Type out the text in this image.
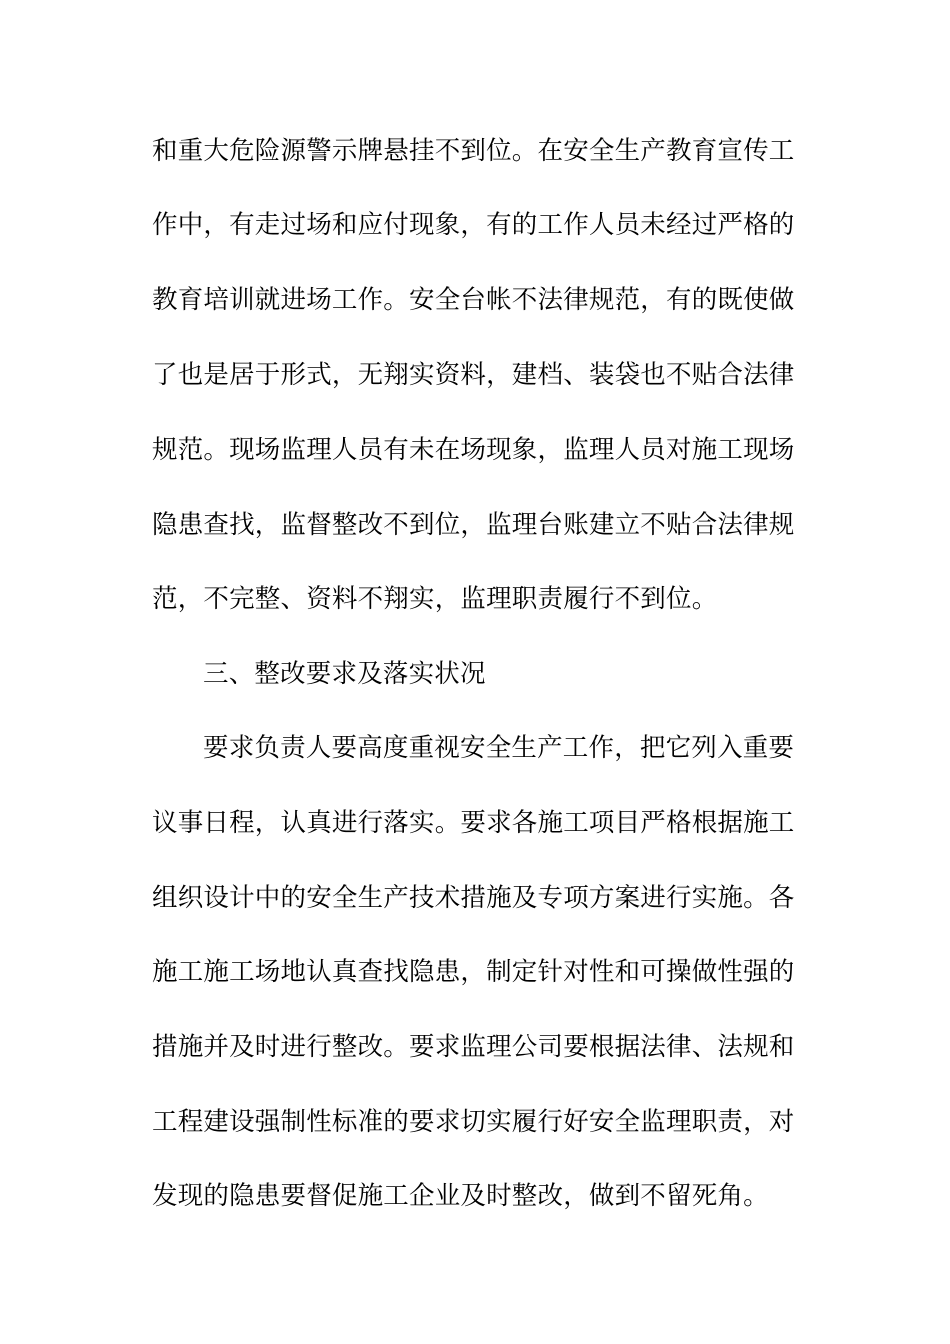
和重大危险源警示牌悬挂不到位。在安全生产教育宣传工
作中，有走过场和应付现象，有的工作人员未经过严格的
教育培训就进场工作。安全台帐不法律规范，有的既使做
了也是居于形式，无翔实资料，建档、装袋也不贴合法律
规范。现场监理人员有未在场现象，监理人员对施工现场
隐患查找，监督整改不到位，监理台账建立不贴合法律规
范，不完整、资料不翔实，监理职责履行不到位。
三、整改要求及落实状况
要求负责人要高度重视安全生产工作，把它列入重要
议事日程，认真进行落实。要求各施工项目严格根据施工
组织设计中的安全生产技术措施及专项方案进行实施。各
施工施工场地认真查找隐患，制定针对性和可操做性强的
措施并及时进行整改。要求监理公司要根据法律、法规和
工程建设强制性标准的要求切实履行好安全监理职责，对
发现的隐患要督促施工企业及时整改，做到不留死角。
